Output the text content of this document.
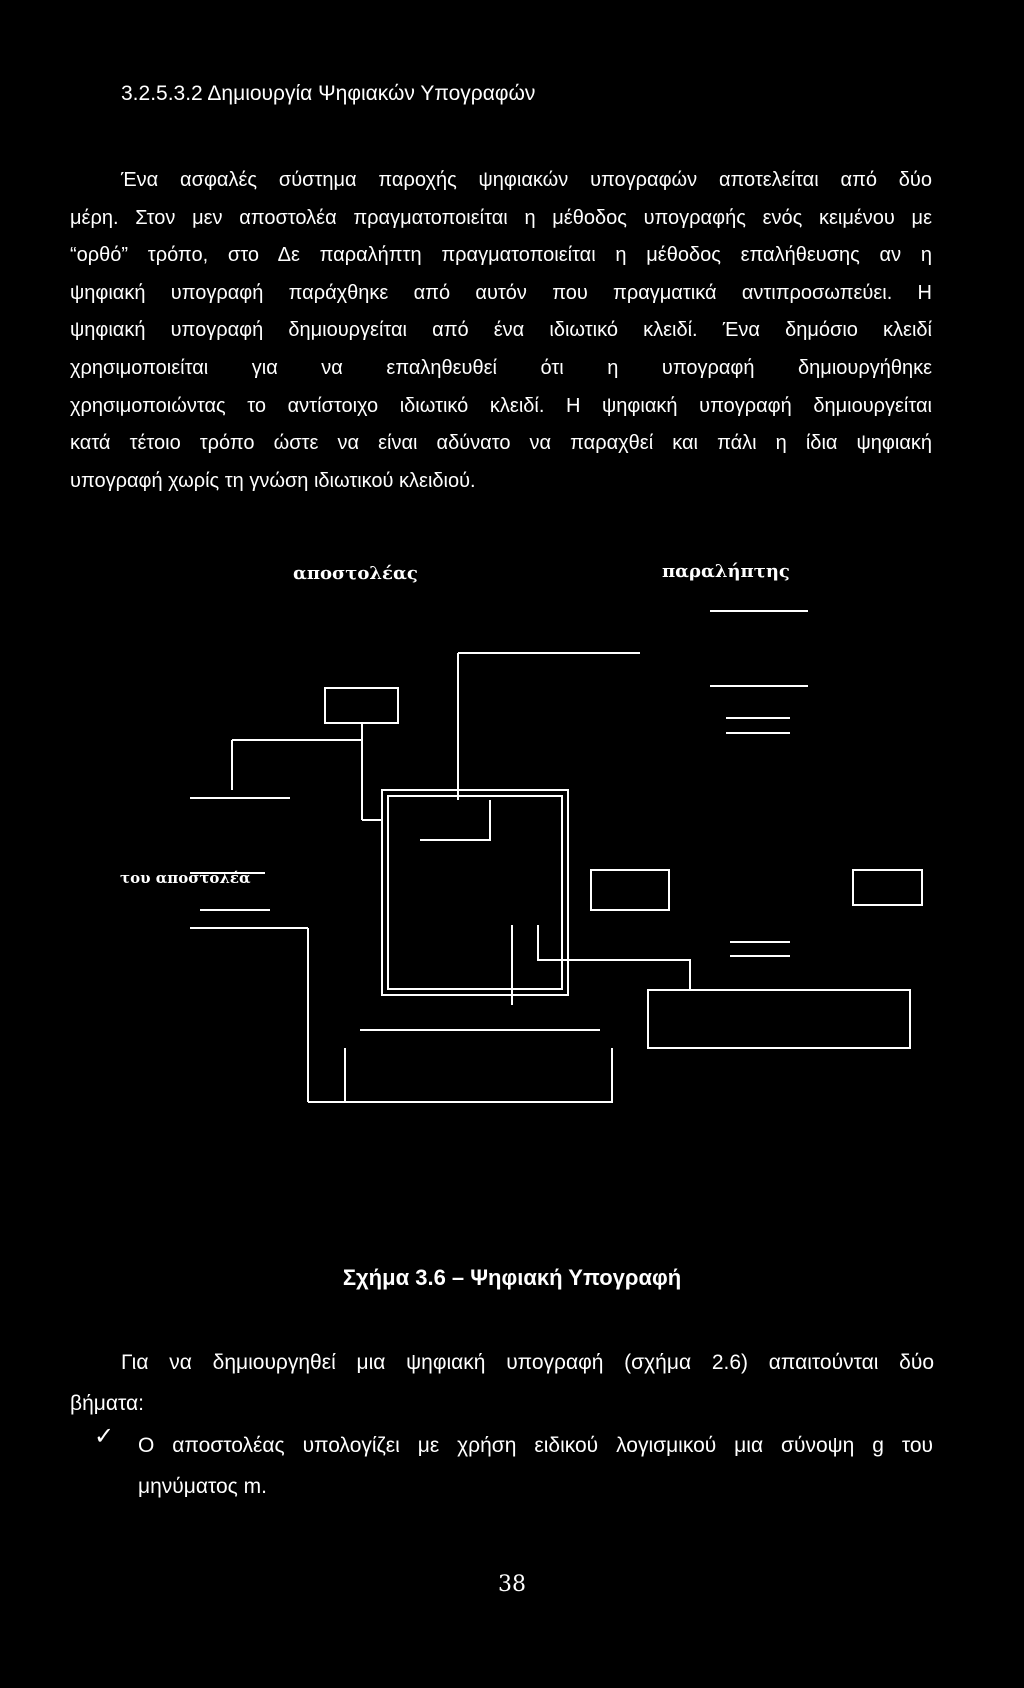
3.2.5.3.2 Δημιουργία Ψηφιακών Υπογραφών

Ένα ασφαλές σύστημα παροχής ψηφιακών υπογραφών αποτελείται από δύο

μέρη. Στον μεν αποστολέα πραγματοποιείται η μέθοδος υπογραφής ενός κειμένου με

“ορθό” τρόπο, στο Δε παραλήπτη πραγματοποιείται η μέθοδος επαλήθευσης αν η

ψηφιακή υπογραφή παράχθηκε από αυτόν που πραγματικά αντιπροσωπεύει. Η

ψηφιακή υπογραφή δημιουργείται από ένα ιδιωτικό κλειδί. Ένα δημόσιο κλειδί

χρησιμοποιείται για να επαληθευθεί ότι η υπογραφή δημιουργήθηκε

χρησιμοποιώντας το αντίστοιχο ιδιωτικό κλειδί. Η ψηφιακή υπογραφή δημιουργείται

κατά τέτοιο τρόπο ώστε να είναι αδύνατο να παραχθεί και πάλι η ίδια ψηφιακή

υπογραφή χωρίς τη γνώση ιδιωτικού κλειδιού.

αποστολέας	παραλήπτης
του αποστολέα
Σχήμα 3.6 – Ψηφιακή Υπογραφή

Για να δημιουργηθεί μια ψηφιακή υπογραφή (σχήμα 2.6) απαιτούνται δύο

βήματα:

✓ Ο αποστολέας υπολογίζει με χρήση ειδικού λογισμικού μια σύνοψη g του

μηνύματος m.

38
